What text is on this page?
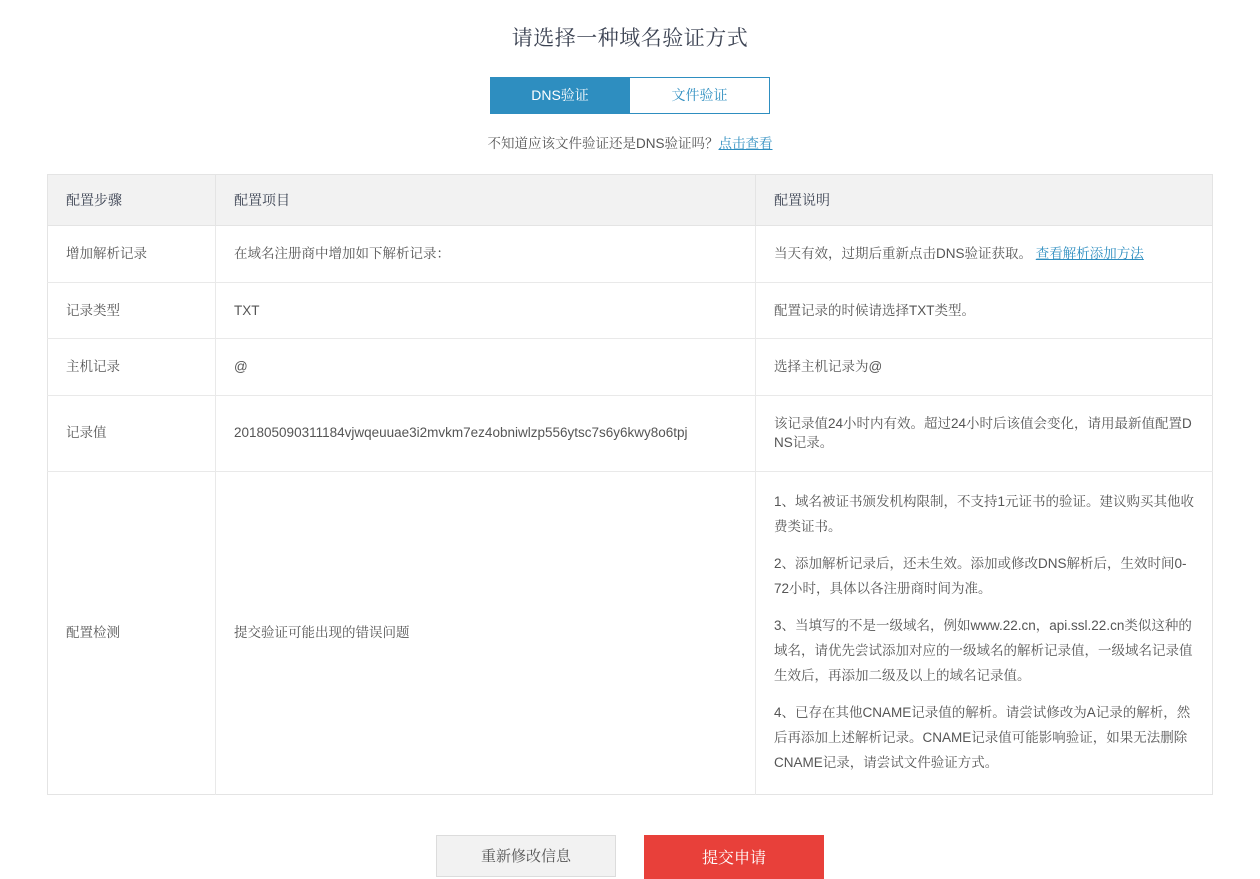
请选择一种域名验证方式
DNS验证	文件验证
不知道应该文件验证还是DNS验证吗？点击查看
配置步骤	配置项目	配置说明
增加解析记录	在域名注册商中增加如下解析记录：	当天有效，过期后重新点击DNS验证获取。 查看解析添加方法
记录类型	TXT	配置记录的时候请选择TXT类型。
主机记录	@	选择主机记录为@
记录值	201805090311184vjwqeuuae3i2mvkm7ez4obniwlzp556ytsc7s6y6kwy8o6tpj	该记录值24小时内有效。超过24小时后该值会变化，请用最新值配置DNS记录。
配置检测	提交验证可能出现的错误问题	1、域名被证书颁发机构限制，不支持1元证书的验证。建议购买其他收费类证书。

2、添加解析记录后，还未生效。添加或修改DNS解析后，生效时间0-72小时，具体以各注册商时间为准。

3、当填写的不是一级域名，例如www.22.cn，api.ssl.22.cn类似这种的域名，请优先尝试添加对应的一级域名的解析记录值，一级域名记录值生效后，再添加二级及以上的域名记录值。

4、已存在其他CNAME记录值的解析。请尝试修改为A记录的解析，然后再添加上述解析记录。CNAME记录值可能影响验证，如果无法删除CNAME记录，请尝试文件验证方式。

重新修改信息	提交申请
